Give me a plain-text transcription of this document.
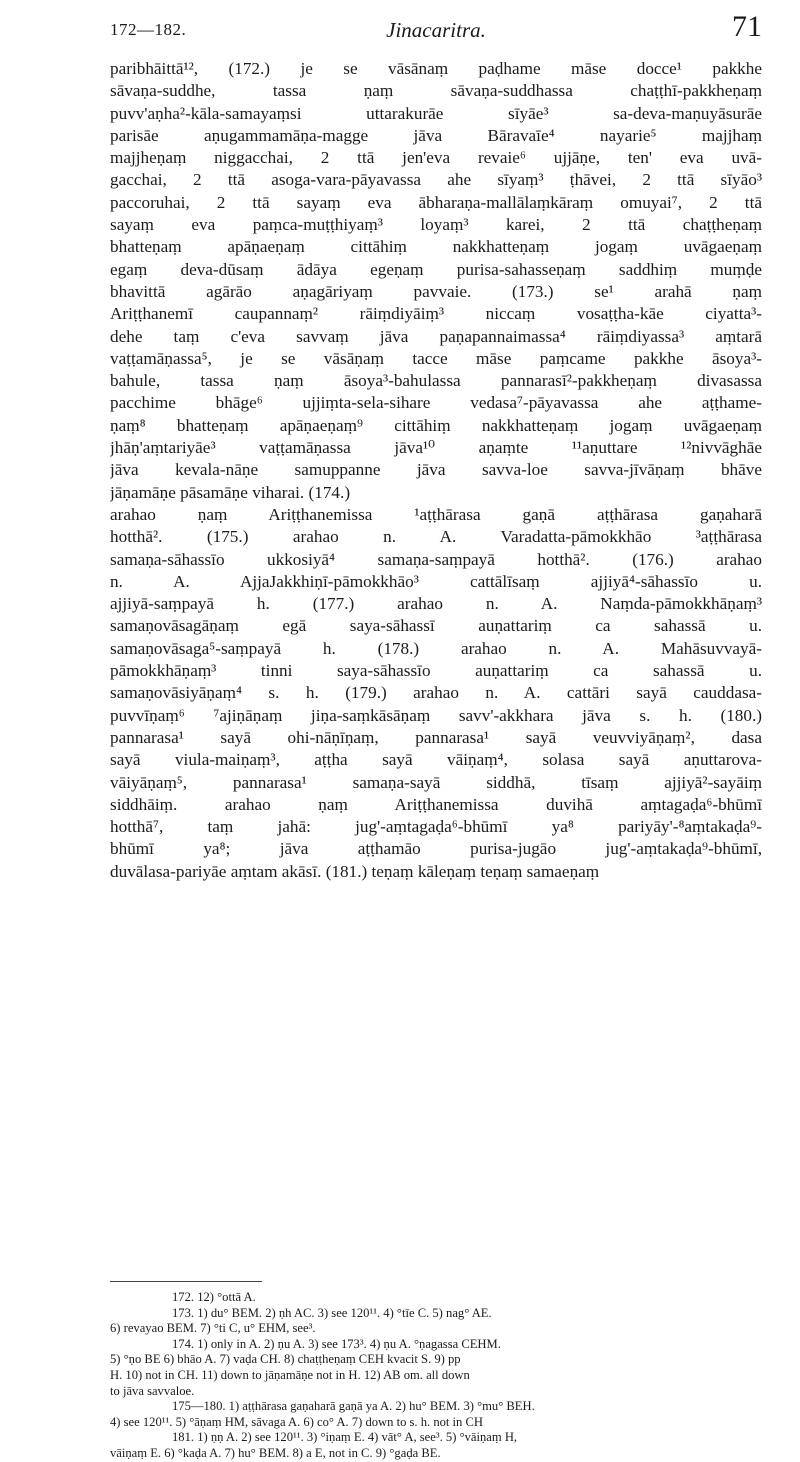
172—182.	Jinacaritra.	71
paribhāittā¹², (172.) je se vāsānaṃ paḍhame māse docce¹ pakkhe
sāvaṇa-suddhe, tassa ṇaṃ sāvaṇa-suddhassa chaṭṭhī-pakkheṇaṃ
puvv'aṇha²-kāla-samayaṃsi uttarakurāe sīyāe³ sa-deva-maṇuyāsurāe
parisāe aṇugammamāṇa-magge jāva Bāravaīe⁴ nayarie⁵ majjhaṃ
majjheṇaṃ niggacchai, 2 ttā jen'eva revaie⁶ ujjāṇe, ten' eva uvā-
gacchai, 2 ttā asoga-vara-pāyavassa ahe sīyaṃ³ ṭhāvei, 2 ttā sīyāo³
paccoruhai, 2 ttā sayaṃ eva ābharaṇa-mallālaṃkāraṃ omuyai⁷, 2 ttā
sayaṃ eva paṃca-muṭṭhiyaṃ³ loyaṃ³ karei, 2 ttā chaṭṭheṇaṃ
bhatteṇaṃ apāṇaeṇaṃ cittāhiṃ nakkhatteṇaṃ jogaṃ uvāgaeṇaṃ
egaṃ deva-dūsaṃ ādāya egeṇaṃ purisa-sahasseṇaṃ saddhiṃ muṃḍe
bhavittā agārāo aṇagāriyaṃ pavvaie. (173.) se¹ arahā ṇaṃ
Ariṭṭhanemī caupannaṃ² rāiṃdiyāiṃ³ niccaṃ vosaṭṭha-kāe ciyatta³-
dehe taṃ c'eva savvaṃ jāva paṇapannaimassa⁴ rāiṃdiyassa³ aṃtarā
vaṭṭamāṇassa⁵, je se vāsāṇaṃ tacce māse paṃcame pakkhe āsoya³-
bahule, tassa ṇaṃ āsoya³-bahulassa pannarasī²-pakkheṇaṃ divasassa
pacchime bhāge⁶ ujjiṃta-sela-sihare vedasa⁷-pāyavassa ahe aṭṭhame-
ṇaṃ⁸ bhatteṇaṃ apāṇaeṇaṃ⁹ cittāhiṃ nakkhatteṇaṃ jogaṃ uvāgaeṇaṃ
jhāṇ'aṃtariyāe³ vaṭṭamāṇassa jāva¹⁰ aṇaṃte ¹¹aṇuttare ¹²nivvāghāe
jāva kevala-nāṇe samuppanne jāva savva-loe savva-jīvāṇaṃ bhāve
jāṇamāṇe pāsamāṇe viharai. (174.)
arahao ṇaṃ Ariṭṭhanemissa ¹aṭṭhārasa gaṇā aṭṭhārasa gaṇaharā
hotthā². (175.) arahao n. A. Varadatta-pāmokkhāo ³aṭṭhārasa
samaṇa-sāhassīo ukkosiyā⁴ samaṇa-saṃpayā hotthā². (176.) arahao
n. A. AjjaJakkhiṇī-pāmokkhāo³ cattālīsaṃ ajjiyā⁴-sāhassīo u.
ajjiyā-saṃpayā h. (177.) arahao n. A. Naṃda-pāmokkhāṇaṃ³
samaṇovāsagāṇaṃ egā saya-sāhassī auṇattariṃ ca sahassā u.
samaṇovāsaga⁵-saṃpayā h. (178.) arahao n. A. Mahāsuvvayā-
pāmokkhāṇaṃ³ tinni saya-sāhassīo auṇattariṃ ca sahassā u.
samaṇovāsiyāṇaṃ⁴ s. h. (179.) arahao n. A. cattāri sayā cauddasa-
puvvīṇaṃ⁶ ⁷ajiṇāṇaṃ jiṇa-saṃkāsāṇaṃ savv'-akkhara jāva s. h. (180.)
pannarasa¹ sayā ohi-nāṇīṇaṃ, pannarasa¹ sayā veuvviyāṇaṃ², dasa
sayā viula-maiṇaṃ³, aṭṭha sayā vāiṇaṃ⁴, solasa sayā aṇuttarova-
vāiyāṇaṃ⁵, pannarasa¹ samaṇa-sayā siddhā, tīsaṃ ajjiyā²-sayāiṃ
siddhāiṃ. arahao ṇaṃ Ariṭṭhanemissa duvihā aṃtagaḍa⁶-bhūmī
hotthā⁷, taṃ jahā: jug'-aṃtagaḍa⁶-bhūmī ya⁸ pariyāy'-⁸aṃtakaḍa⁹-
bhūmī ya⁸; jāva aṭṭhamāo purisa-jugāo jug'-aṃtakaḍa⁹-bhūmī,
duvālasa-pariyāe aṃtam akāsī. (181.) teṇaṃ kāleṇaṃ teṇaṃ samaeṇaṃ
172. 12) °ottā A.
173. 1) du° BEM. 2) ṇh AC. 3) see 120¹¹. 4) °tīe C. 5) nag° AE.
6) revayao BEM. 7) °ti C, u° EHM, see³.
174. 1) only in A. 2) ṇu A. 3) see 173³. 4) ṇu A. °ṇagassa CEHM.
5) °ṇo BE 6) bhāo A. 7) vaḍa CH. 8) chaṭṭheṇaṃ CEH kvacit S. 9) pp
H. 10) not in CH. 11) down to jāṇamāṇe not in H. 12) AB om. all down
to jāva savvaloe.
175—180. 1) aṭṭhārasa gaṇaharā gaṇā ya A. 2) hu° BEM. 3) °mu° BEH.
4) see 120¹¹. 5) °āṇaṃ HM, sāvaga A. 6) co° A. 7) down to s. h. not in CH
181. 1) ṇṇ A. 2) see 120¹¹. 3) °iṇaṃ E. 4) vāt° A, see³. 5) °vāiṇaṃ H,
vāiṇaṃ E. 6) °kaḍa A. 7) hu° BEM. 8) a E, not in C. 9) °gaḍa BE.
